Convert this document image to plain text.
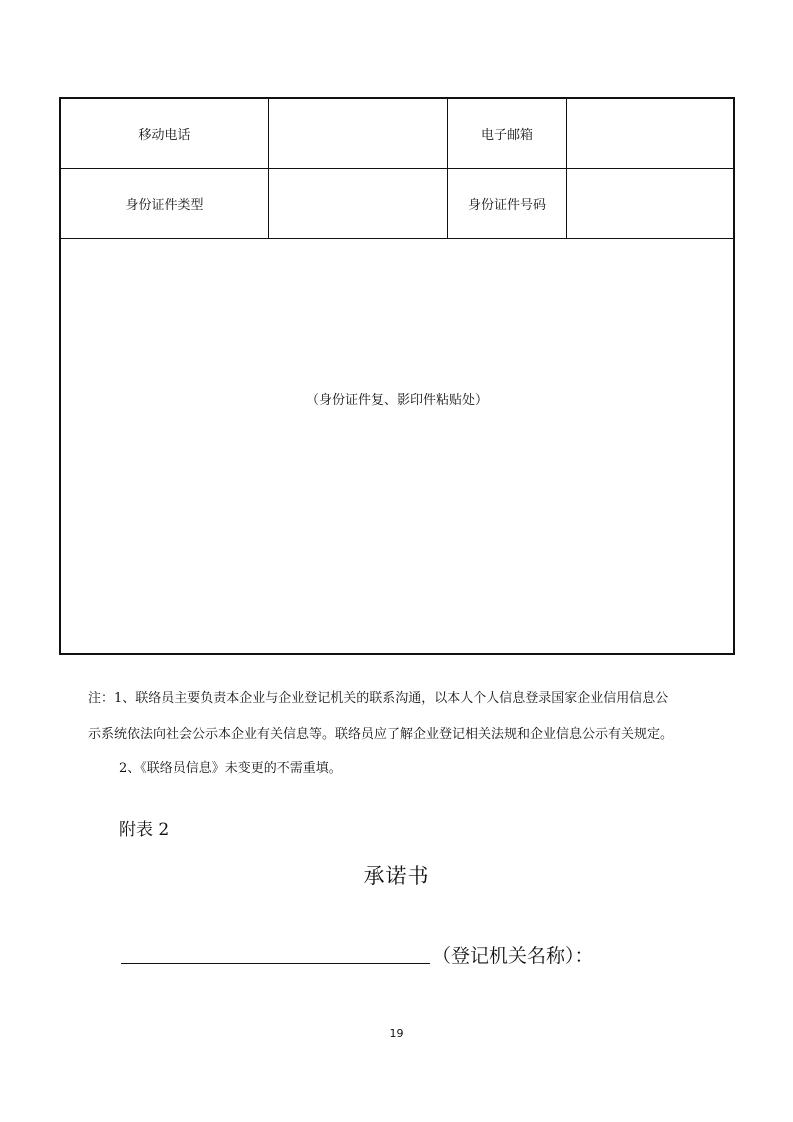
移动电话	电子邮箱
身份证件类型	身份证件号码
（身份证件复、影印件粘贴处）
注：1、联络员主要负责本企业与企业登记机关的联系沟通，以本人个人信息登录国家企业信用信息公
示系统依法向社会公示本企业有关信息等。联络员应了解企业登记相关法规和企业信息公示有关规定。
2、《联络员信息》未变更的不需重填。
附表 2
承诺书
（登记机关名称）：
19
